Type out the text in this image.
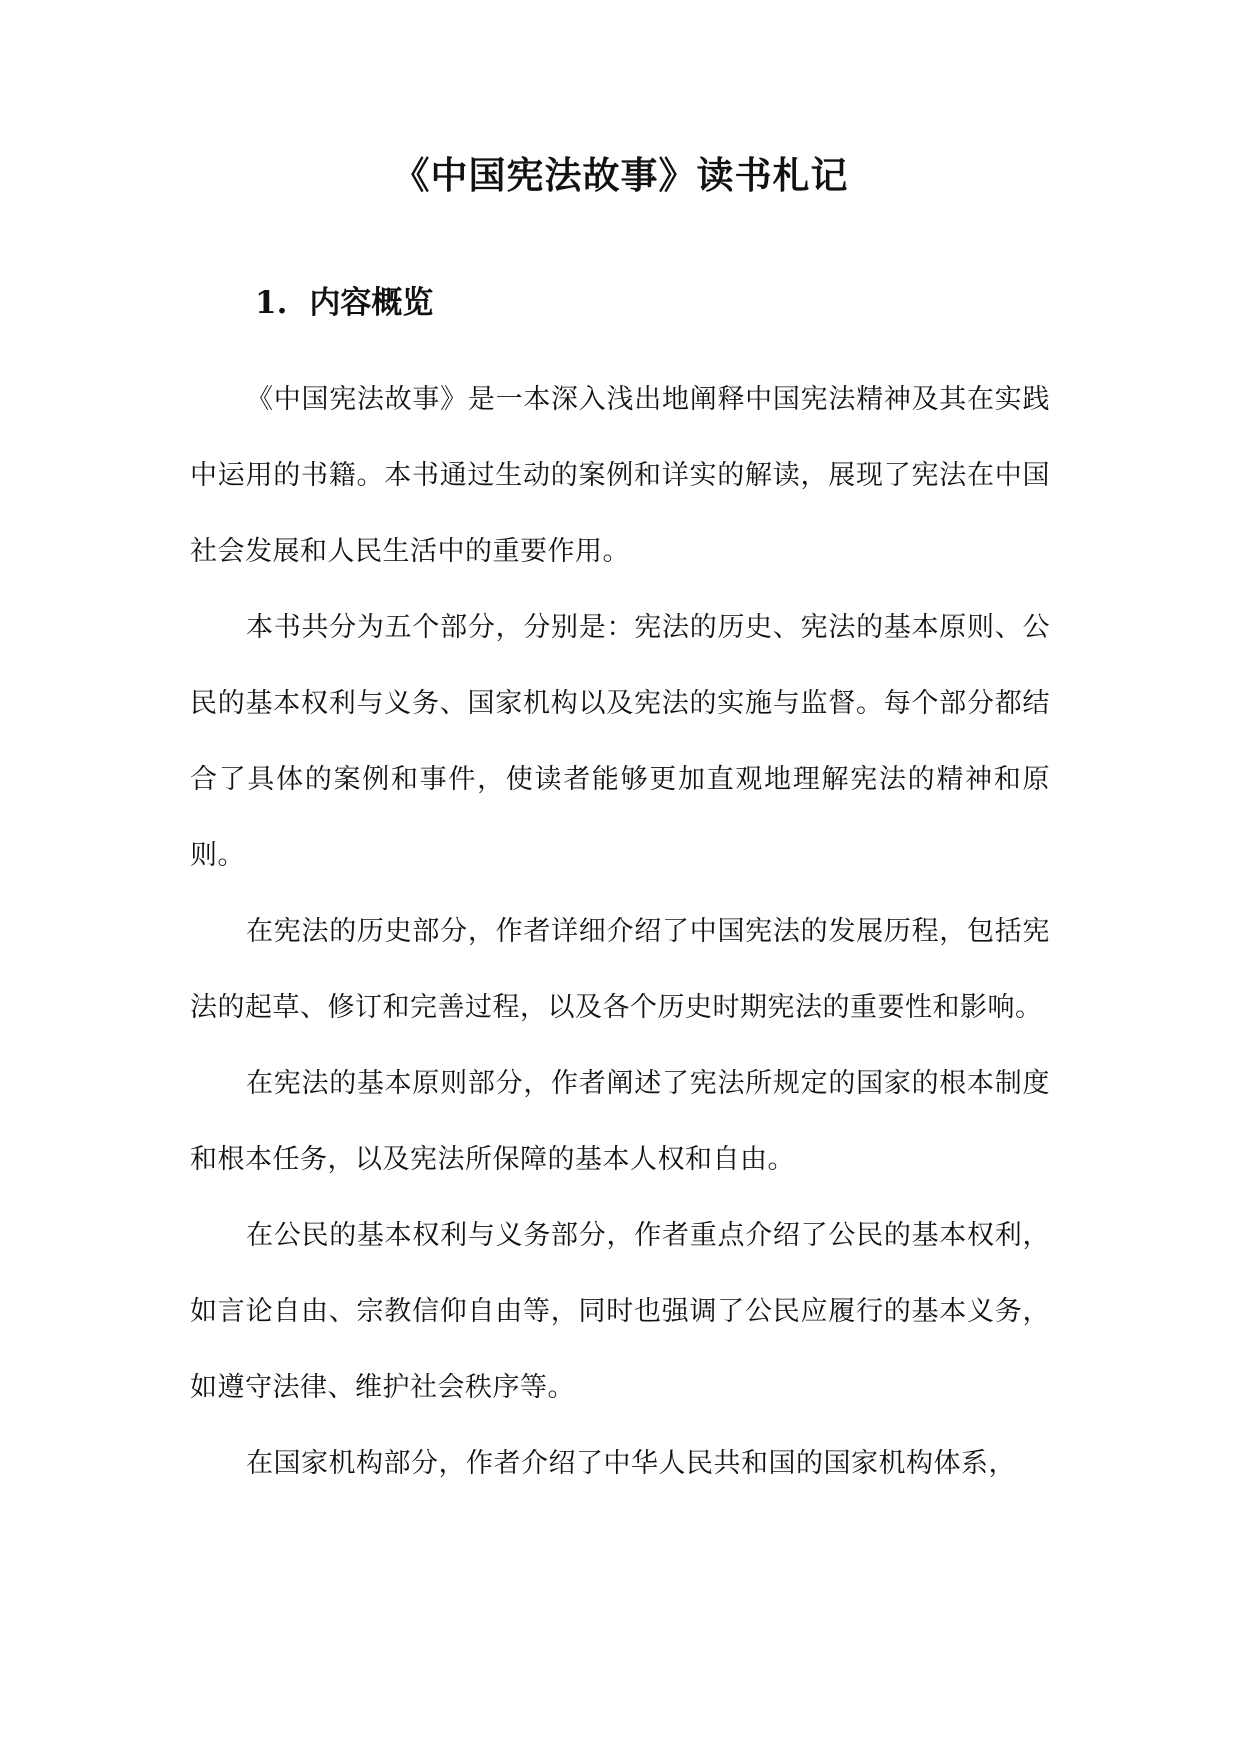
《中国宪法故事》读书札记
1. 内容概览

《中国宪法故事》是一本深入浅出地阐释中国宪法精神及其在实践中运用的书籍。本书通过生动的案例和详实的解读，展现了宪法在中国社会发展和人民生活中的重要作用。

本书共分为五个部分，分别是：宪法的历史、宪法的基本原则、公民的基本权利与义务、国家机构以及宪法的实施与监督。每个部分都结合了具体的案例和事件，使读者能够更加直观地理解宪法的精神和原则。

在宪法的历史部分，作者详细介绍了中国宪法的发展历程，包括宪法的起草、修订和完善过程，以及各个历史时期宪法的重要性和影响。

在宪法的基本原则部分，作者阐述了宪法所规定的国家的根本制度和根本任务，以及宪法所保障的基本人权和自由。

在公民的基本权利与义务部分，作者重点介绍了公民的基本权利，如言论自由、宗教信仰自由等，同时也强调了公民应履行的基本义务，如遵守法律、维护社会秩序等。

在国家机构部分，作者介绍了中华人民共和国的国家机构体系，
